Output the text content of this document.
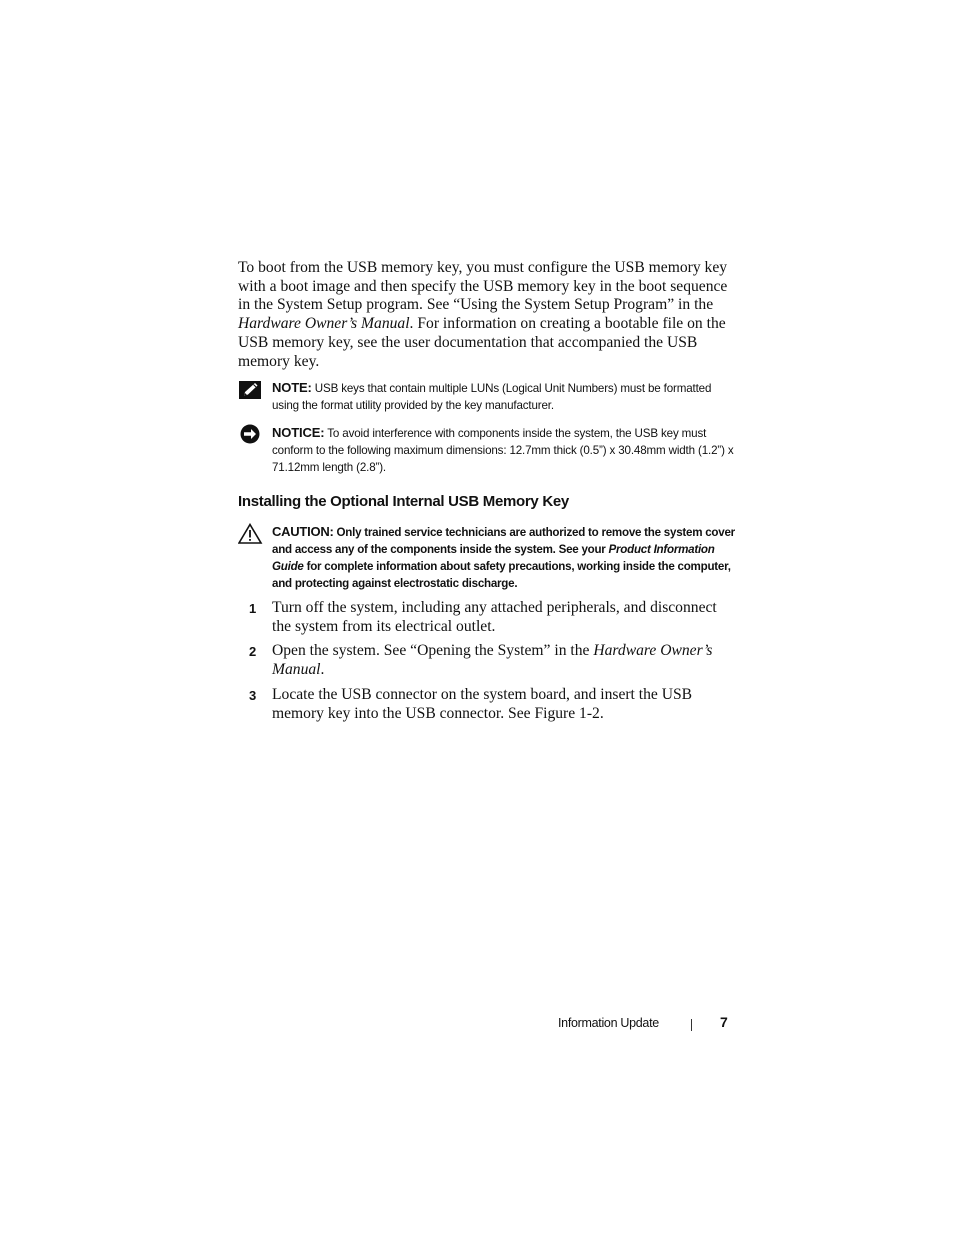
To boot from the USB memory key, you must configure the USB memory key with a boot image and then specify the USB memory key in the boot sequence in the System Setup program. See “Using the System Setup Program” in the Hardware Owner’s Manual. For information on creating a bootable file on the USB memory key, see the user documentation that accompanied the USB memory key.

NOTE: USB keys that contain multiple LUNs (Logical Unit Numbers) must be formatted using the format utility provided by the key manufacturer.
NOTICE: To avoid interference with components inside the system, the USB key must conform to the following maximum dimensions: 12.7mm thick (0.5”) x 30.48mm width (1.2”) x 71.12mm length (2.8”).
Installing the Optional Internal USB Memory Key
CAUTION: Only trained service technicians are authorized to remove the system cover and access any of the components inside the system. See your Product Information Guide for complete information about safety precautions, working inside the computer, and protecting against electrostatic discharge.
1 Turn off the system, including any attached peripherals, and disconnect the system from its electrical outlet.
2 Open the system. See “Opening the System” in the Hardware Owner’s Manual.
3 Locate the USB connector on the system board, and insert the USB memory key into the USB connector. See Figure 1-2.
Information Update	7
